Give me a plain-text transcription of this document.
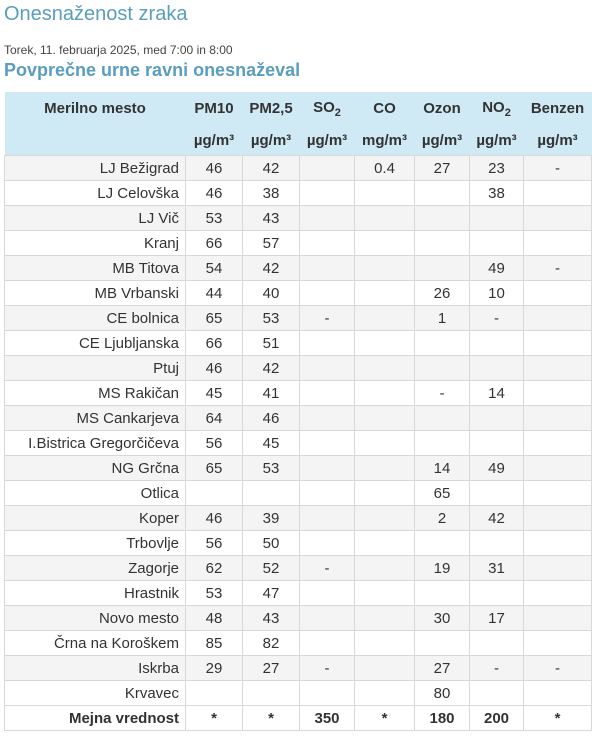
Onesnaženost zraka
Torek, 11. februarja 2025, med 7:00 in 8:00
Povprečne urne ravni onesnaževal
Merilno mesto	PM10	PM2,5	$SO_2$	CO	Ozon	$NO_2$	Benzen
	µg/m³	µg/m³	µg/m³	mg/m³	µg/m³	µg/m³	µg/m³
LJ Bežigrad	46	42		0.4	27	23	-
LJ Celovška	46	38				38	
LJ Vič	53	43					
Kranj	66	57					
MB Titova	54	42				49	-
MB Vrbanski	44	40			26	10	
CE bolnica	65	53	-		1	-	
CE Ljubljanska	66	51					
Ptuj	46	42					
MS Rakičan	45	41			-	14	
MS Cankarjeva	64	46					
I.Bistrica Gregorčičeva	56	45					
NG Grčna	65	53			14	49	
Otlica					65		
Koper	46	39			2	42	
Trbovlje	56	50					
Zagorje	62	52	-		19	31	
Hrastnik	53	47					
Novo mesto	48	43			30	17	
Črna na Koroškem	85	82					
Iskrba	29	27	-		27	-	-
Krvavec					80		
Mejna vrednost	*	*	350	*	180	200	*
